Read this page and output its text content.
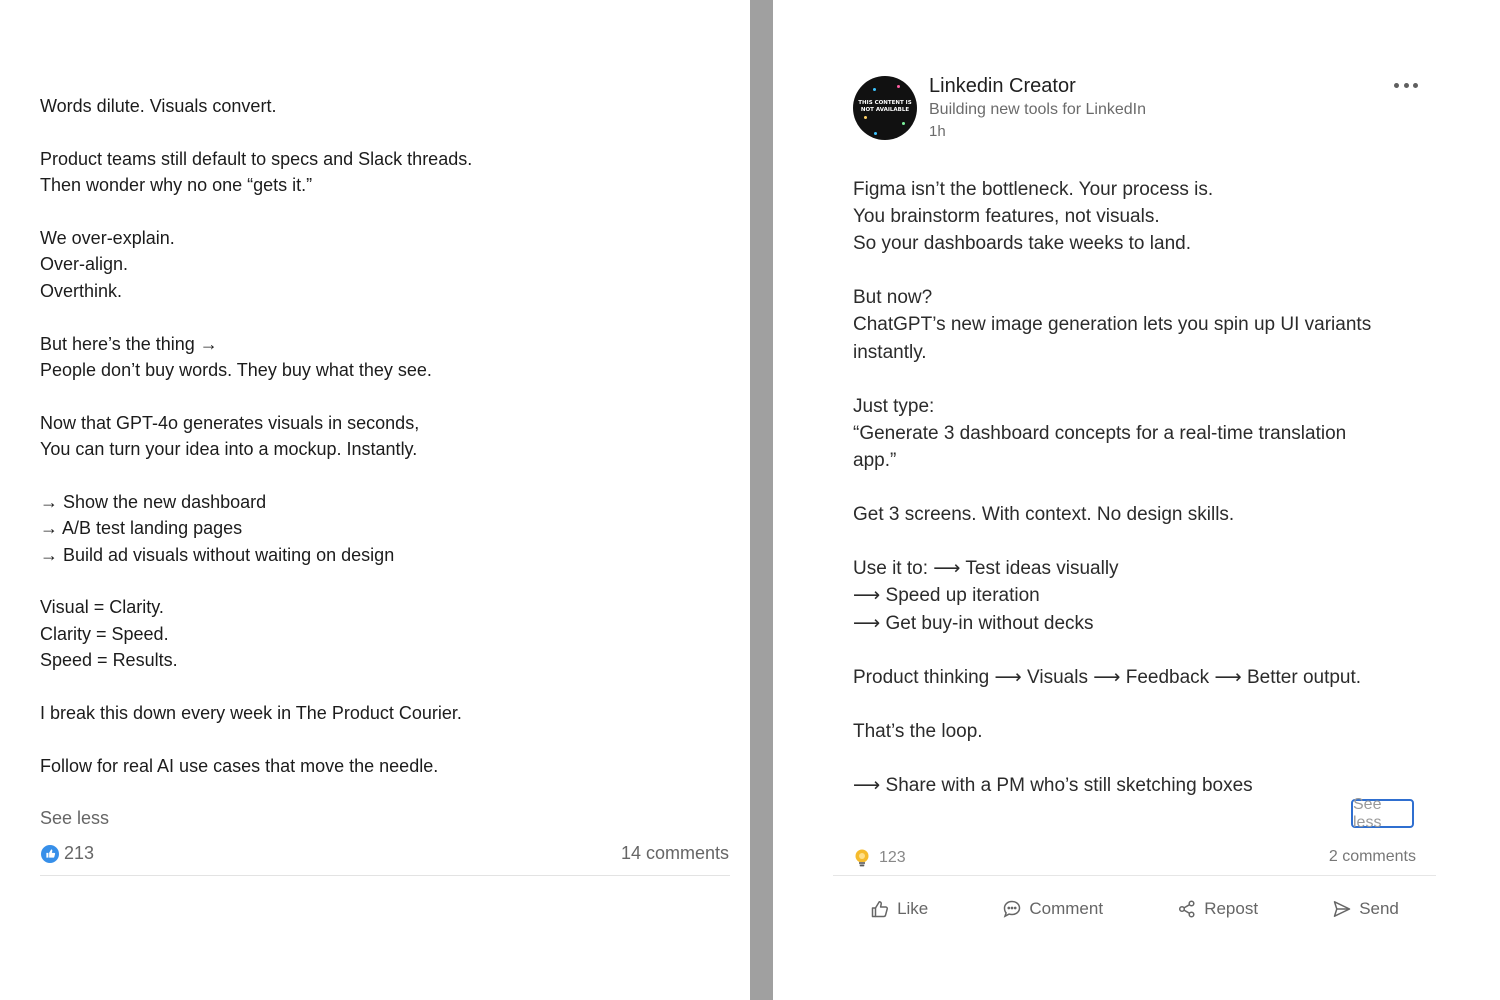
Words dilute. Visuals convert.
Product teams still default to specs and Slack threads.
Then wonder why no one “gets it.”
We over-explain.
Over-align.
Overthink.
But here’s the thing →
People don’t buy words. They buy what they see.
Now that GPT-4o generates visuals in seconds,
You can turn your idea into a mockup. Instantly.
→ Show the new dashboard
→ A/B test landing pages
→ Build ad visuals without waiting on design
Visual = Clarity.
Clarity = Speed.
Speed = Results.
I break this down every week in The Product Courier.
Follow for real AI use cases that move the needle.
See less
213	14 comments
THIS CONTENT IS NOT AVAILABLE
Linkedin Creator
Building new tools for LinkedIn
1h
Figma isn’t the bottleneck. Your process is.
You brainstorm features, not visuals.
So your dashboards take weeks to land.
But now?
ChatGPT’s new image generation lets you spin up UI variants
instantly.
Just type:
“Generate 3 dashboard concepts for a real-time translation
app.”
Get 3 screens. With context. No design skills.
Use it to: ⟶ Test ideas visually
⟶ Speed up iteration
⟶ Get buy-in without decks
Product thinking ⟶ Visuals ⟶ Feedback ⟶ Better output.
That’s the loop.
⟶ Share with a PM who’s still sketching boxes
See less
123	2 comments
Like	Comment	Repost	Send
